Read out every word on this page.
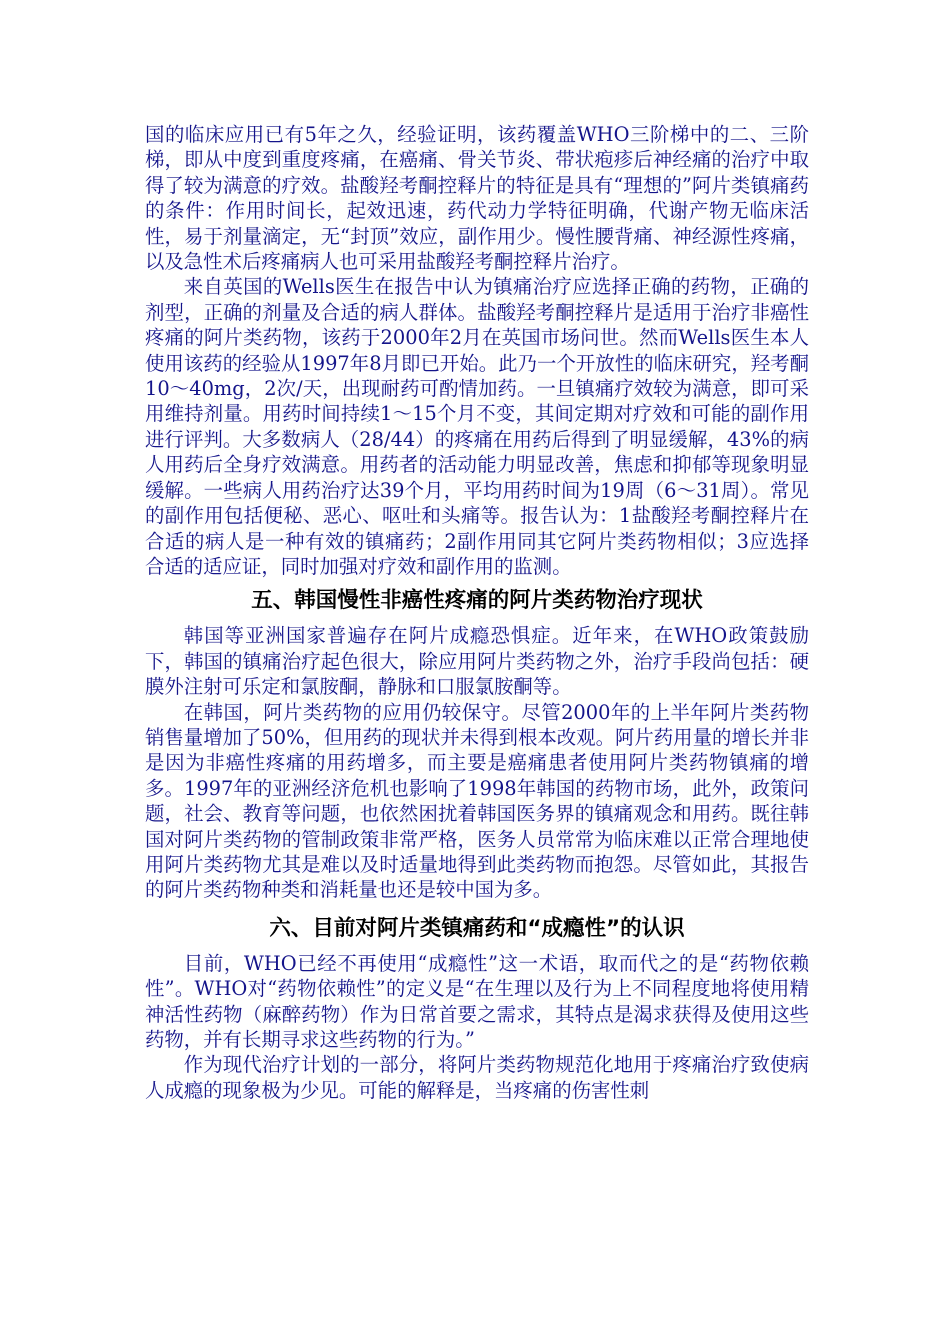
国的临床应用已有5年之久，经验证明，该药覆盖WHO三阶梯中的二、三阶梯，即从中度到重度疼痛，在癌痛、骨关节炎、带状疱疹后神经痛的治疗中取得了较为满意的疗效。盐酸羟考酮控释片的特征是具有“理想的”阿片类镇痛药的条件：作用时间长，起效迅速，药代动力学特征明确，代谢产物无临床活性，易于剂量滴定，无“封顶”效应，副作用少。慢性腰背痛、神经源性疼痛，以及急性术后疼痛病人也可采用盐酸羟考酮控释片治疗。

来自英国的Wells医生在报告中认为镇痛治疗应选择正确的药物，正确的剂型，正确的剂量及合适的病人群体。盐酸羟考酮控释片是适用于治疗非癌性疼痛的阿片类药物，该药于2000年2月在英国市场问世。然而Wells医生本人使用该药的经验从1997年8月即已开始。此乃一个开放性的临床研究，羟考酮10～40mg，2次/天，出现耐药可酌情加药。一旦镇痛疗效较为满意，即可采用维持剂量。用药时间持续1～15个月不变，其间定期对疗效和可能的副作用进行评判。大多数病人（28/44）的疼痛在用药后得到了明显缓解，43%的病人用药后全身疗效满意。用药者的活动能力明显改善，焦虑和抑郁等现象明显缓解。一些病人用药治疗达39个月，平均用药时间为19周（6～31周）。常见的副作用包括便秘、恶心、呕吐和头痛等。报告认为：1盐酸羟考酮控释片在合适的病人是一种有效的镇痛药；2副作用同其它阿片类药物相似；3应选择合适的适应证，同时加强对疗效和副作用的监测。

五、韩国慢性非癌性疼痛的阿片类药物治疗现状

韩国等亚洲国家普遍存在阿片成瘾恐惧症。近年来，在WHO政策鼓励下，韩国的镇痛治疗起色很大，除应用阿片类药物之外，治疗手段尚包括：硬膜外注射可乐定和氯胺酮，静脉和口服氯胺酮等。

在韩国，阿片类药物的应用仍较保守。尽管2000年的上半年阿片类药物销售量增加了50%，但用药的现状并未得到根本改观。阿片药用量的增长并非是因为非癌性疼痛的用药增多，而主要是癌痛患者使用阿片类药物镇痛的增多。1997年的亚洲经济危机也影响了1998年韩国的药物市场，此外，政策问题，社会、教育等问题，也依然困扰着韩国医务界的镇痛观念和用药。既往韩国对阿片类药物的管制政策非常严格，医务人员常常为临床难以正常合理地使用阿片类药物尤其是难以及时适量地得到此类药物而抱怨。尽管如此，其报告的阿片类药物种类和消耗量也还是较中国为多。

六、目前对阿片类镇痛药和“成瘾性”的认识

目前，WHO已经不再使用“成瘾性”这一术语，取而代之的是“药物依赖性”。WHO对“药物依赖性”的定义是“在生理以及行为上不同程度地将使用精神活性药物（麻醉药物）作为日常首要之需求，其特点是渴求获得及使用这些药物，并有长期寻求这些药物的行为。”

作为现代治疗计划的一部分，将阿片类药物规范化地用于疼痛治疗致使病人成瘾的现象极为少见。可能的解释是，当疼痛的伤害性刺
